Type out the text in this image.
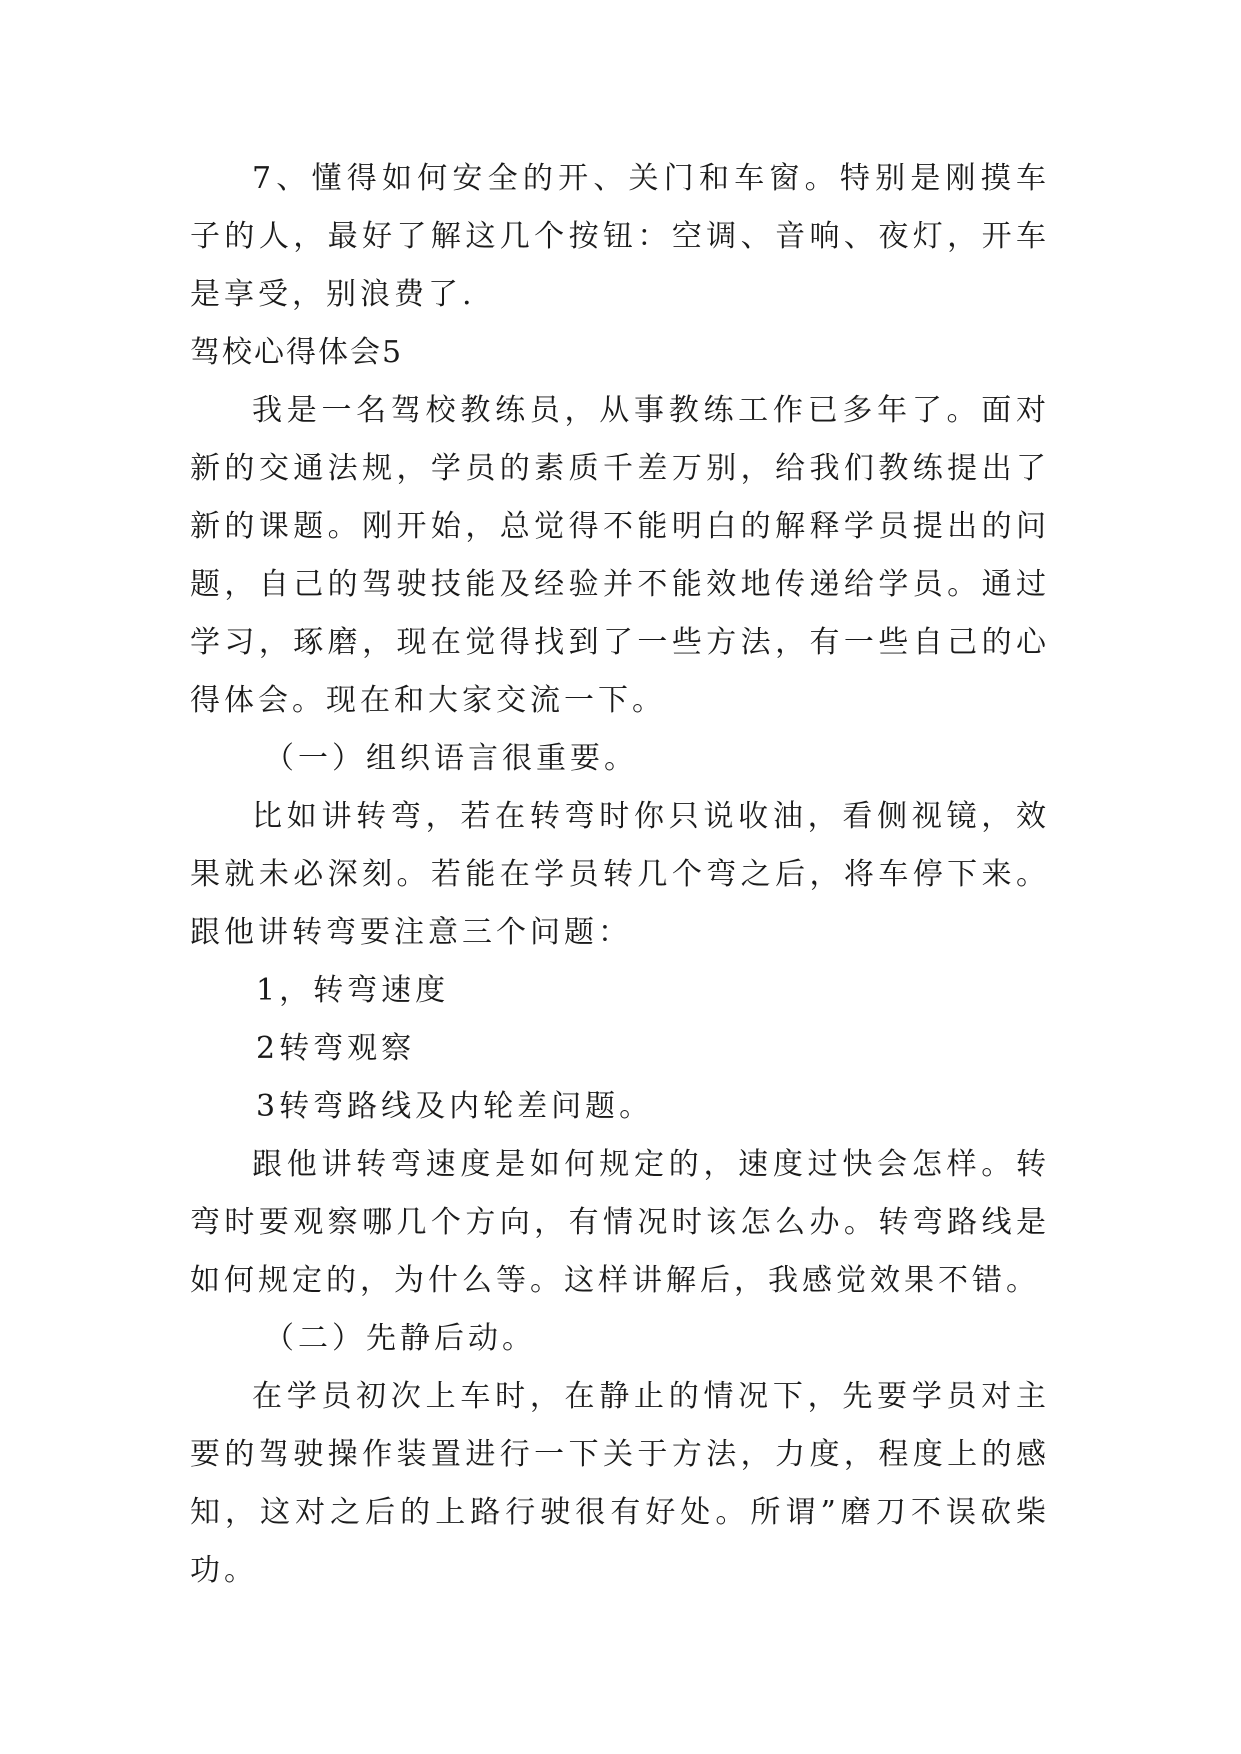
7、懂得如何安全的开、关门和车窗。特别是刚摸车子的人，最好了解这几个按钮：空调、音响、夜灯，开车是享受，别浪费了.

驾校心得体会5

我是一名驾校教练员，从事教练工作已多年了。面对新的交通法规，学员的素质千差万别，给我们教练提出了新的课题。刚开始，总觉得不能明白的解释学员提出的问题，自己的驾驶技能及经验并不能效地传递给学员。通过学习，琢磨，现在觉得找到了一些方法，有一些自己的心得体会。现在和大家交流一下。

（一）组织语言很重要。

比如讲转弯，若在转弯时你只说收油，看侧视镜，效果就未必深刻。若能在学员转几个弯之后，将车停下来。跟他讲转弯要注意三个问题：

1，转弯速度

2转弯观察

3转弯路线及内轮差问题。

跟他讲转弯速度是如何规定的，速度过快会怎样。转弯时要观察哪几个方向，有情况时该怎么办。转弯路线是如何规定的，为什么等。这样讲解后，我感觉效果不错。

（二）先静后动。

在学员初次上车时，在静止的情况下，先要学员对主要的驾驶操作装置进行一下关于方法，力度，程度上的感知，这对之后的上路行驶很有好处。所谓”磨刀不误砍柴功。
